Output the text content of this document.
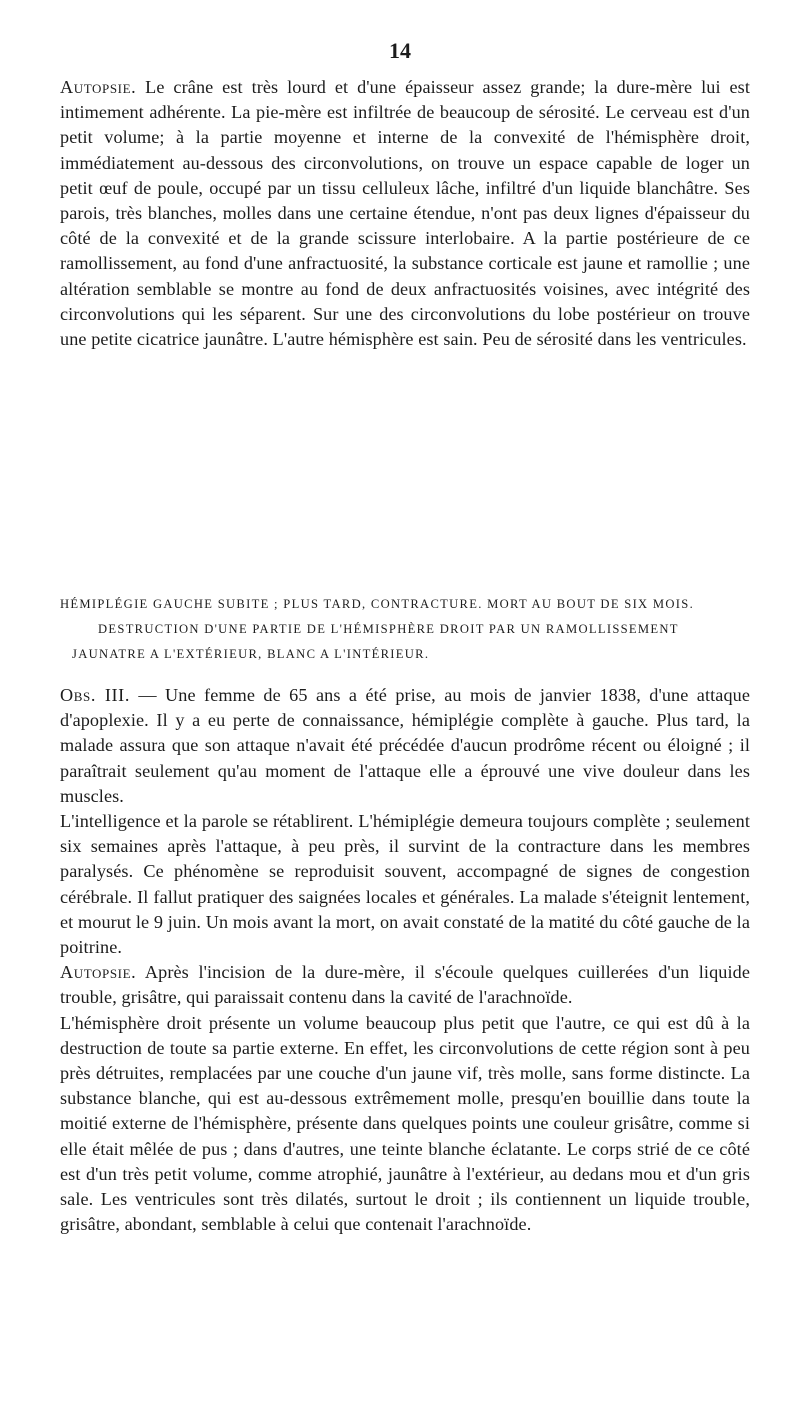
14

Autopsie. Le crâne est très lourd et d'une épaisseur assez grande; la dure-mère lui est intimement adhérente. La pie-mère est infiltrée de beaucoup de sérosité. Le cerveau est d'un petit volume; à la partie moyenne et interne de la convexité de l'hémisphère droit, immédiatement au-dessous des circonvolutions, on trouve un espace capable de loger un petit œuf de poule, occupé par un tissu celluleux lâche, infiltré d'un liquide blanchâtre. Ses parois, très blanches, molles dans une certaine étendue, n'ont pas deux lignes d'épaisseur du côté de la convexité et de la grande scissure interlobaire. A la partie postérieure de ce ramollissement, au fond d'une anfractuosité, la substance corticale est jaune et ramollie ; une altération semblable se montre au fond de deux anfractuosités voisines, avec intégrité des circonvolutions qui les séparent. Sur une des circonvolutions du lobe postérieur on trouve une petite cicatrice jaunâtre. L'autre hémisphère est sain. Peu de sérosité dans les ventricules.

HÉMIPLÉGIE GAUCHE SUBITE ; PLUS TARD, CONTRACTURE. MORT AU BOUT DE SIX MOIS.
DESTRUCTION D'UNE PARTIE DE L'HÉMISPHÈRE DROIT PAR UN RAMOLLISSEMENT
JAUNATRE A L'EXTÉRIEUR, BLANC A L'INTÉRIEUR.

Obs. III. — Une femme de 65 ans a été prise, au mois de janvier 1838, d'une attaque d'apoplexie. Il y a eu perte de connaissance, hémiplégie complète à gauche. Plus tard, la malade assura que son attaque n'avait été précédée d'aucun prodrôme récent ou éloigné ; il paraîtrait seulement qu'au moment de l'attaque elle a éprouvé une vive douleur dans les muscles.

L'intelligence et la parole se rétablirent. L'hémiplégie demeura toujours complète ; seulement six semaines après l'attaque, à peu près, il survint de la contracture dans les membres paralysés. Ce phénomène se reproduisit souvent, accompagné de signes de congestion cérébrale. Il fallut pratiquer des saignées locales et générales. La malade s'éteignit lentement, et mourut le 9 juin. Un mois avant la mort, on avait constaté de la matité du côté gauche de la poitrine.

Autopsie. Après l'incision de la dure-mère, il s'écoule quelques cuillerées d'un liquide trouble, grisâtre, qui paraissait contenu dans la cavité de l'arachnoïde.

L'hémisphère droit présente un volume beaucoup plus petit que l'autre, ce qui est dû à la destruction de toute sa partie externe. En effet, les circonvolutions de cette région sont à peu près détruites, remplacées par une couche d'un jaune vif, très molle, sans forme distincte. La substance blanche, qui est au-dessous extrêmement molle, presqu'en bouillie dans toute la moitié externe de l'hémisphère, présente dans quelques points une couleur grisâtre, comme si elle était mêlée de pus ; dans d'autres, une teinte blanche éclatante. Le corps strié de ce côté est d'un très petit volume, comme atrophié, jaunâtre à l'extérieur, au dedans mou et d'un gris sale. Les ventricules sont très dilatés, surtout le droit ; ils contiennent un liquide trouble, grisâtre, abondant, semblable à celui que contenait l'arachnoïde.
